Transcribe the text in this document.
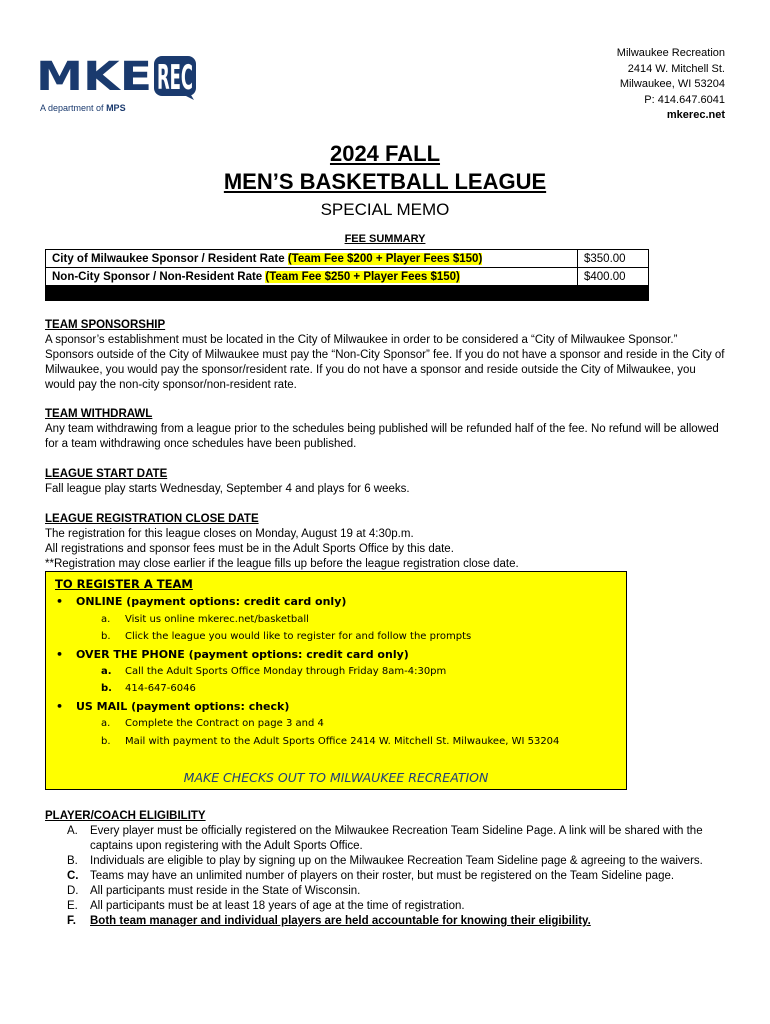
MKE REC
A department of MPS
Milwaukee Recreation
2414 W. Mitchell St.
Milwaukee, WI 53204
P: 414.647.6041
mkerec.net
2024 FALL
MEN’S BASKETBALL LEAGUE
SPECIAL MEMO
FEE SUMMARY
City of Milwaukee Sponsor / Resident Rate (Team Fee $200 + Player Fees $150)	$350.00
Non-City Sponsor / Non-Resident Rate (Team Fee $250 + Player Fees $150)	$400.00

TEAM SPONSORSHIP
A sponsor’s establishment must be located in the City of Milwaukee in order to be considered a “City of Milwaukee Sponsor.” Sponsors outside of the City of Milwaukee must pay the “Non-City Sponsor” fee. If you do not have a sponsor and reside in the City of Milwaukee, you would pay the sponsor/resident rate. If you do not have a sponsor and reside outside the City of Milwaukee, you would pay the non-city sponsor/non-resident rate.
TEAM WITHDRAWL
Any team withdrawing from a league prior to the schedules being published will be refunded half of the fee. No refund will be allowed for a team withdrawing once schedules have been published.
LEAGUE START DATE
Fall league play starts Wednesday, September 4 and plays for 6 weeks.
LEAGUE REGISTRATION CLOSE DATE
The registration for this league closes on Monday, August 19 at 4:30p.m.
All registrations and sponsor fees must be in the Adult Sports Office by this date.
**Registration may close earlier if the league fills up before the league registration close date.
TO REGISTER A TEAM
• ONLINE (payment options: credit card only)
a. Visit us online mkerec.net/basketball
b. Click the league you would like to register for and follow the prompts
• OVER THE PHONE (payment options: credit card only)
a. Call the Adult Sports Office Monday through Friday 8am-4:30pm
b. 414-647-6046
• US MAIL (payment options: check)
a. Complete the Contract on page 3 and 4
b. Mail with payment to the Adult Sports Office 2414 W. Mitchell St. Milwaukee, WI 53204
MAKE CHECKS OUT TO MILWAUKEE RECREATION
PLAYER/COACH ELIGIBILITY
A. Every player must be officially registered on the Milwaukee Recreation Team Sideline Page. A link will be shared with the captains upon registering with the Adult Sports Office.
B. Individuals are eligible to play by signing up on the Milwaukee Recreation Team Sideline page & agreeing to the waivers.
C. Teams may have an unlimited number of players on their roster, but must be registered on the Team Sideline page.
D. All participants must reside in the State of Wisconsin.
E. All participants must be at least 18 years of age at the time of registration.
F. Both team manager and individual players are held accountable for knowing their eligibility.
